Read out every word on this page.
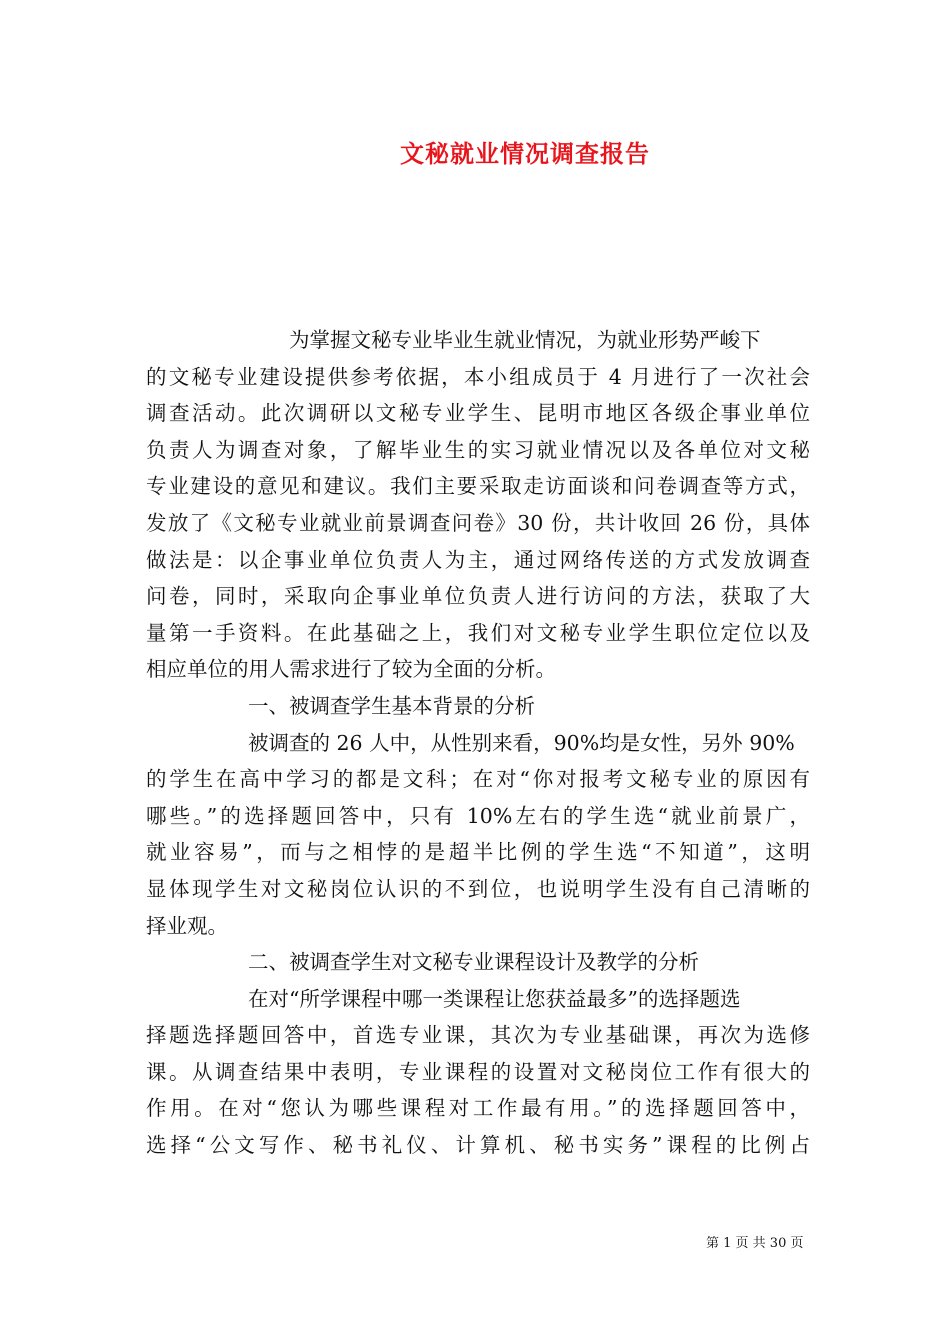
文秘就业情况调查报告
为掌握文秘专业毕业生就业情况，为就业形势严峻下
的文秘专业建设提供参考依据，本小组成员于 4 月进行了一次社会
调查活动。此次调研以文秘专业学生、昆明市地区各级企事业单位
负责人为调查对象，了解毕业生的实习就业情况以及各单位对文秘
专业建设的意见和建议。我们主要采取走访面谈和问卷调查等方式，
发放了《文秘专业就业前景调查问卷》30 份，共计收回 26 份，具体
做法是：以企事业单位负责人为主，通过网络传送的方式发放调查
问卷，同时，采取向企事业单位负责人进行访问的方法，获取了大
量第一手资料。在此基础之上，我们对文秘专业学生职位定位以及
相应单位的用人需求进行了较为全面的分析。
一、被调查学生基本背景的分析
被调查的 26 人中，从性别来看，90%均是女性，另外 90%
的学生在高中学习的都是文科；在对“你对报考文秘专业的原因有
哪些。”的选择题回答中，只有 10%左右的学生选“就业前景广，
就业容易”，而与之相悖的是超半比例的学生选“不知道”，这明
显体现学生对文秘岗位认识的不到位，也说明学生没有自己清晰的
择业观。
二、被调查学生对文秘专业课程设计及教学的分析
在对“所学课程中哪一类课程让您获益最多”的选择题选
择题选择题回答中，首选专业课，其次为专业基础课，再次为选修
课。从调查结果中表明，专业课程的设置对文秘岗位工作有很大的
作用。在对“您认为哪些课程对工作最有用。”的选择题回答中，
选择“公文写作、秘书礼仪、计算机、秘书实务”课程的比例占
第 1 页 共 30 页
